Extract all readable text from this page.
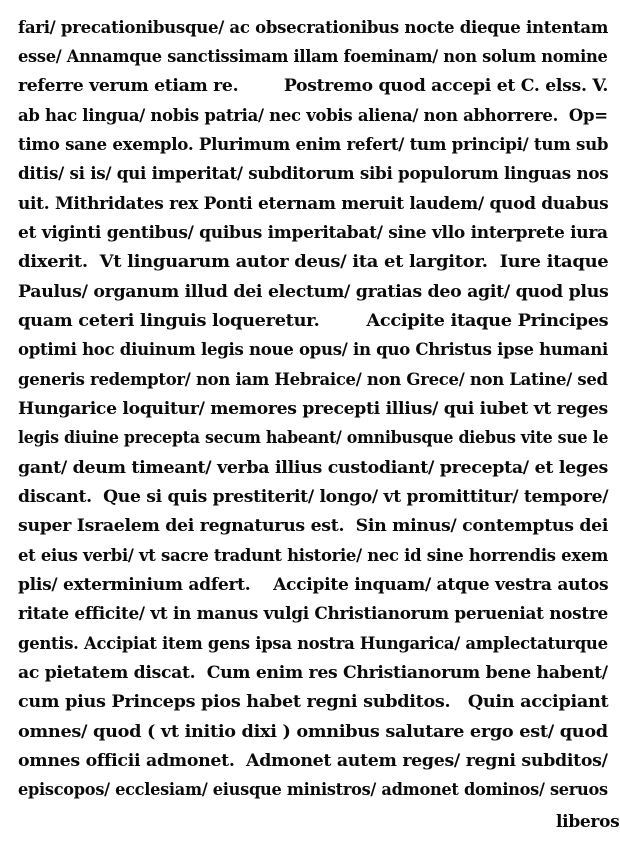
fari/ precationibusque/ ac obsecrationibus nocte dieque intentam
esse/ Annamque sanctissimam illam foeminam/ non solum nomine
referre verum etiam re.        Postremo quod accepi et C. elss. V.
ab hac lingua/ nobis patria/ nec vobis aliena/ non abhorrere.  Op=
timo sane exemplo. Plurimum enim refert/ tum principi/ tum sub
ditis/ si is/ qui imperitat/ subditorum sibi populorum linguas nos
uit. Mithridates rex Ponti eternam meruit laudem/ quod duabus
et viginti gentibus/ quibus imperitabat/ sine vllo interprete iura
dixerit.  Vt linguarum autor deus/ ita et largitor.  Iure itaque
Paulus/ organum illud dei electum/ gratias deo agit/ quod plus
quam ceteri linguis loqueretur.        Accipite itaque Principes
optimi hoc diuinum legis noue opus/ in quo Christus ipse humani
generis redemptor/ non iam Hebraice/ non Grece/ non Latine/ sed
Hungarice loquitur/ memores precepti illius/ qui iubet vt reges
legis diuine precepta secum habeant/ omnibusque diebus vite sue le
gant/ deum timeant/ verba illius custodiant/ precepta/ et leges
discant.  Que si quis prestiterit/ longo/ vt promittitur/ tempore/
super Israelem dei regnaturus est.  Sin minus/ contemptus dei
et eius verbi/ vt sacre tradunt historie/ nec id sine horrendis exem
plis/ exterminium adfert.    Accipite inquam/ atque vestra autos
ritate efficite/ vt in manus vulgi Christianorum perueniat nostre
gentis. Accipiat item gens ipsa nostra Hungarica/ amplectaturque
ac pietatem discat.  Cum enim res Christianorum bene habent/
cum pius Princeps pios habet regni subditos.   Quin accipiant
omnes/ quod ( vt initio dixi ) omnibus salutare ergo est/ quod
omnes officii admonet.  Admonet autem reges/ regni subditos/
episcopos/ ecclesiam/ eiusque ministros/ admonet dominos/ seruos
liberos
